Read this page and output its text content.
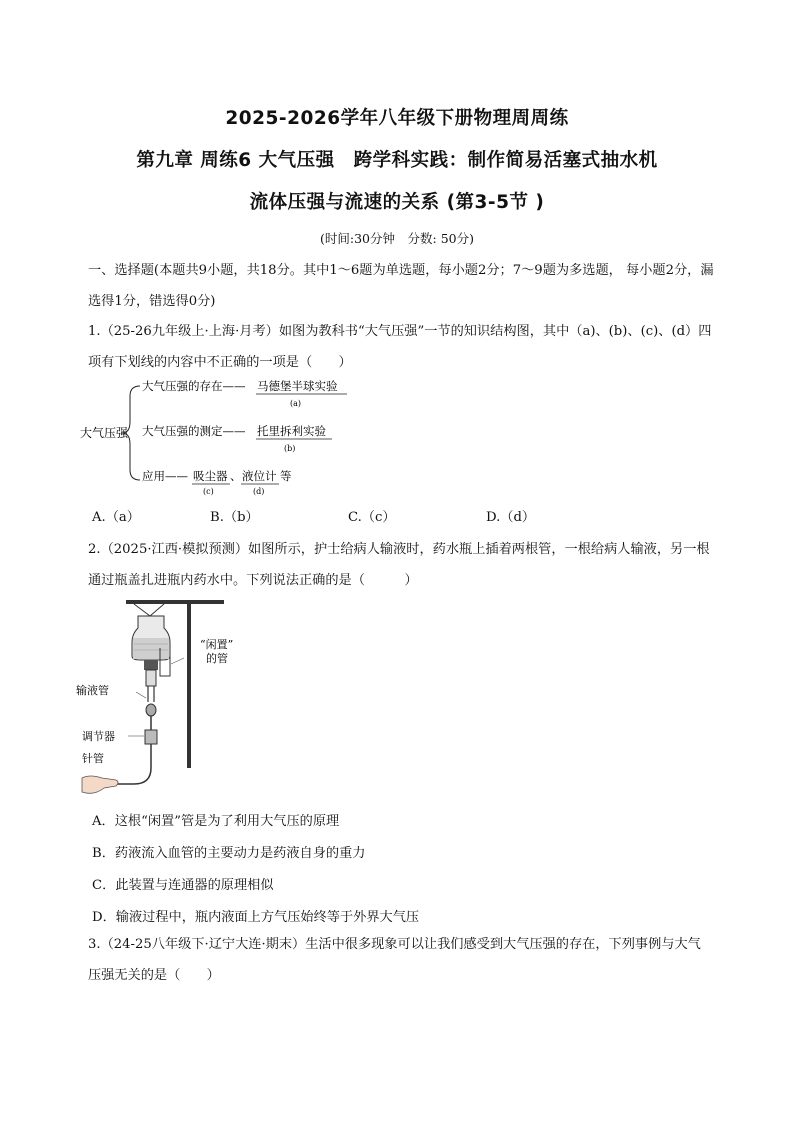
2025-2026学年八年级下册物理周周练
第九章 周练6 大气压强　跨学科实践：制作简易活塞式抽水机
流体压强与流速的关系 (第3-5节 )
(时间:30分钟　分数: 50分)
一、选择题(本题共9小题，共18分。其中1～6题为单选题，每小题2分；7～9题为多选题， 每小题2分，漏选得1分，错选得0分)
1.（25-26九年级上·上海·月考）如图为教科书“大气压强”一节的知识结构图，其中（a)、(b)、(c)、(d）四项有下划线的内容中不正确的一项是（　　）
大气压强
大气压强的存在—— 马德堡半球实验
(a)
大气压强的测定—— 托里拆利实验
(b)
应用—— 吸尘器 、 液位计 等
(c)	(d)
A.（a）	B.（b）	C.（c）	D.（d）
2.（2025·江西·模拟预测）如图所示，护士给病人输液时，药水瓶上插着两根管，一根给病人输液，另一根通过瓶盖扎进瓶内药水中。下列说法正确的是（　　　）
“闲置”
的管
输液管
调节器
针管
A．这根“闲置”管是为了利用大气压的原理
B．药液流入血管的主要动力是药液自身的重力
C．此装置与连通器的原理相似
D．输液过程中，瓶内液面上方气压始终等于外界大气压
3.（24-25八年级下·辽宁大连·期末）生活中很多现象可以让我们感受到大气压强的存在，下列事例与大气压强无关的是（　　）
